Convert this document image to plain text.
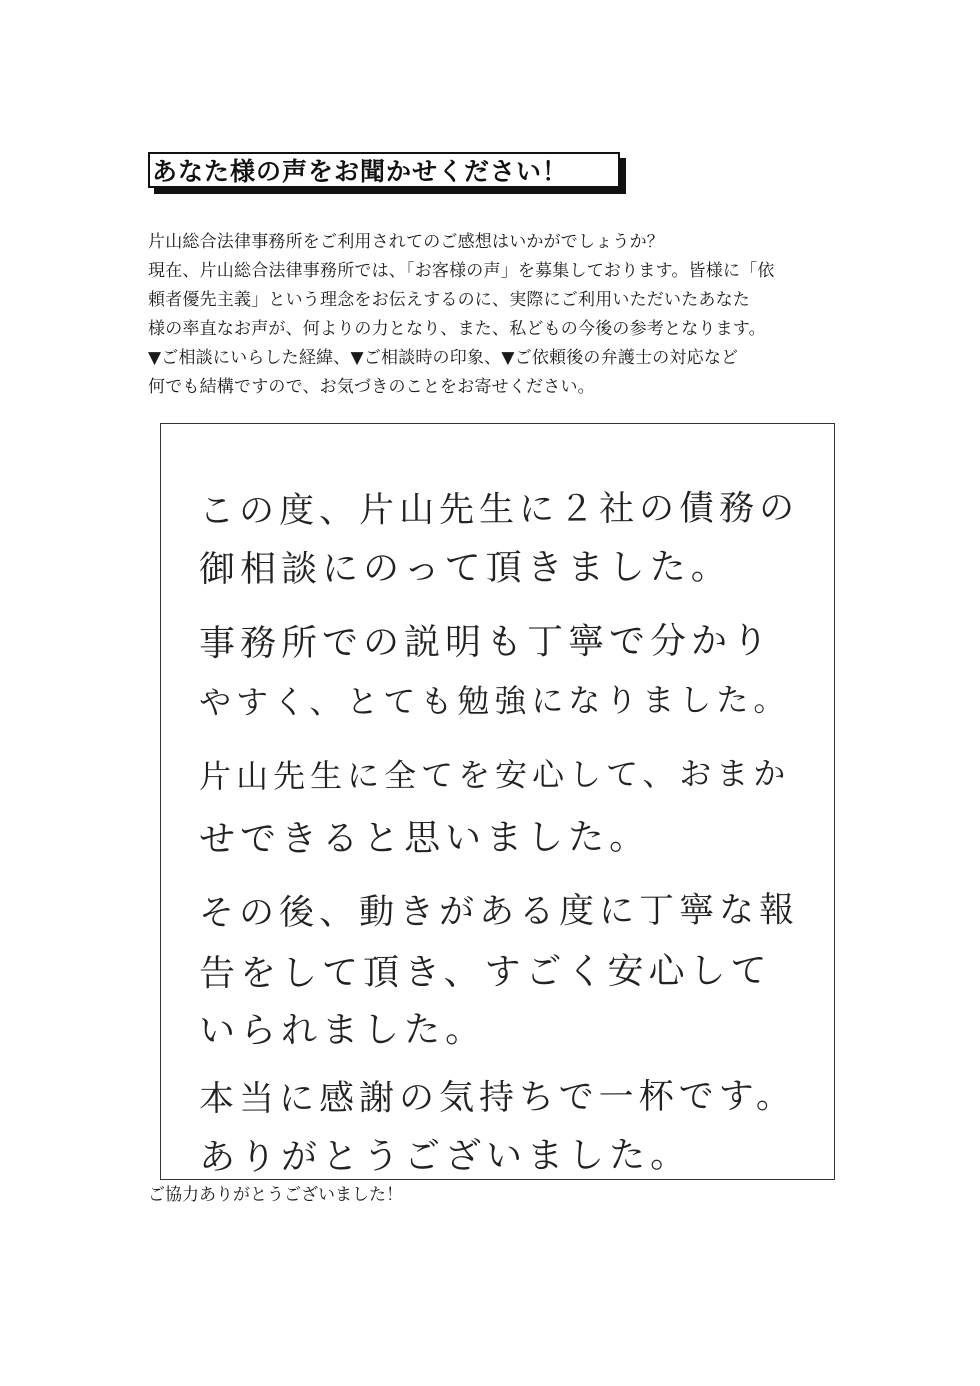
あなた様の声をお聞かせください！
片山総合法律事務所をご利用されてのご感想はいかがでしょうか？
現在、片山総合法律事務所では、「お客様の声」を募集しております。皆様に「依
頼者優先主義」という理念をお伝えするのに、実際にご利用いただいたあなた
様の率直なお声が、何よりの力となり、また、私どもの今後の参考となります。
▼ご相談にいらした経緯、▼ご相談時の印象、▼ご依頼後の弁護士の対応など
何でも結構ですので、お気づきのことをお寄せください。
この度、片山先生に２社の債務の
御相談にのって頂きました。
事務所での説明も丁寧で分かり
やすく、とても勉強になりました。
片山先生に全てを安心して、おまか
せできると思いました。
その後、動きがある度に丁寧な報
告をして頂き、すごく安心して
いられました。
本当に感謝の気持ちで一杯です。
ありがとうございました。
ご協力ありがとうございました！
